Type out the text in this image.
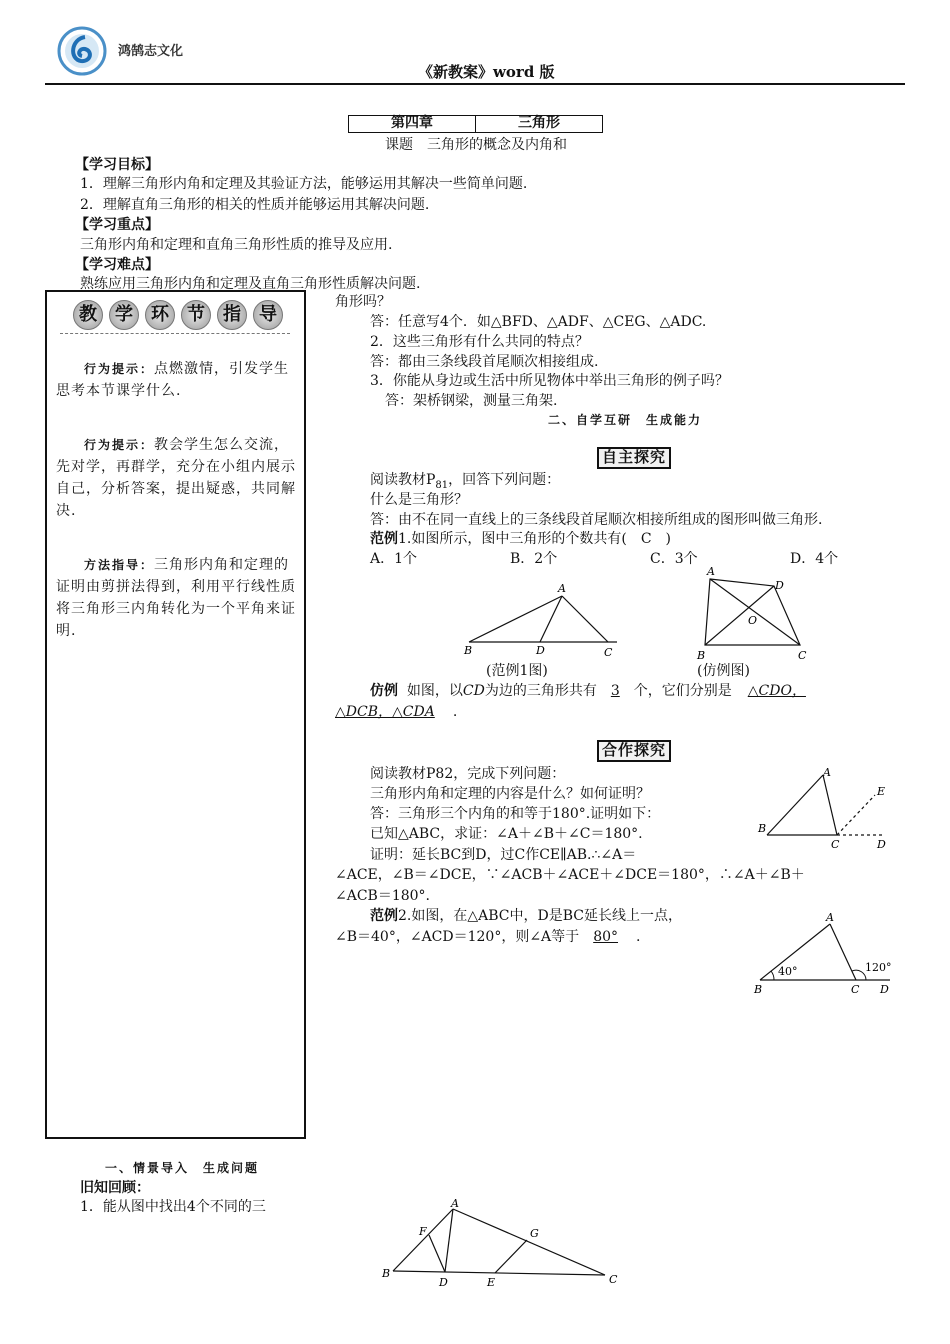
鸿鹄志文化
《新教案》word 版
第四章	三角形
课题　三角形的概念及内角和
【学习目标】
1．理解三角形内角和定理及其验证方法，能够运用其解决一些简单问题.
2．理解直角三角形的相关的性质并能够运用其解决问题.
【学习重点】
三角形内角和定理和直角三角形性质的推导及应用.
【学习难点】
熟练应用三角形内角和定理及直角三角形性质解决问题.
教	学	环	节	指	导
行为提示：点燃激情，引发学生思考本节课学什么.
行为提示：教会学生怎么交流，先对学，再群学，充分在小组内展示自己，分析答案，提出疑惑，共同解决.
方法指导：三角形内角和定理的证明由剪拼法得到，利用平行线性质将三角形三内角转化为一个平角来证明.
一、情景导入　生成问题
旧知回顾：
1．能从图中找出4个不同的三
角形吗？
答：任意写4个．如△BFD、△ADF、△CEG、△ADC.
2．这些三角形有什么共同的特点？
答：都由三条线段首尾顺次相接组成.
3．你能从身边或生活中所见物体中举出三角形的例子吗？
答：架桥钢梁，测量三角架.
二、自学互研　生成能力
自主探究
阅读教材$P_{81}$，回答下列问题：
什么是三角形？
答：由不在同一直线上的三条线段首尾顺次相接所组成的图形叫做三角形.
范例1.如图所示，图中三角形的个数共有(　C　)
A．1个	B．2个	C．3个	D．4个
A
B	D	C
(范例1图)
A
D
O
B	C
(仿例图)
仿例 如图，以CD为边的三角形共有 3 个，它们分别是 △CDO，
△DCB，△CDA .
合作探究
阅读教材P82，完成下列问题：
三角形内角和定理的内容是什么？如何证明？
答：三角形三个内角的和等于180°.证明如下：
已知△ABC，求证：∠A＋∠B＋∠C＝180°.
证明：延长BC到D，过C作CE∥AB.∴∠A＝
∠ACE，∠B＝∠DCE，∵∠ACB＋∠ACE＋∠DCE＝180°，∴∠A＋∠B＋
∠ACB＝180°.
A
E
B
C	D
范例2.如图，在△ABC中，D是BC延长线上一点，
∠B＝40°，∠ACD＝120°，则∠A等于 80° .
A
B	C D
40°	120°
A
F	G
B
D	E	C
